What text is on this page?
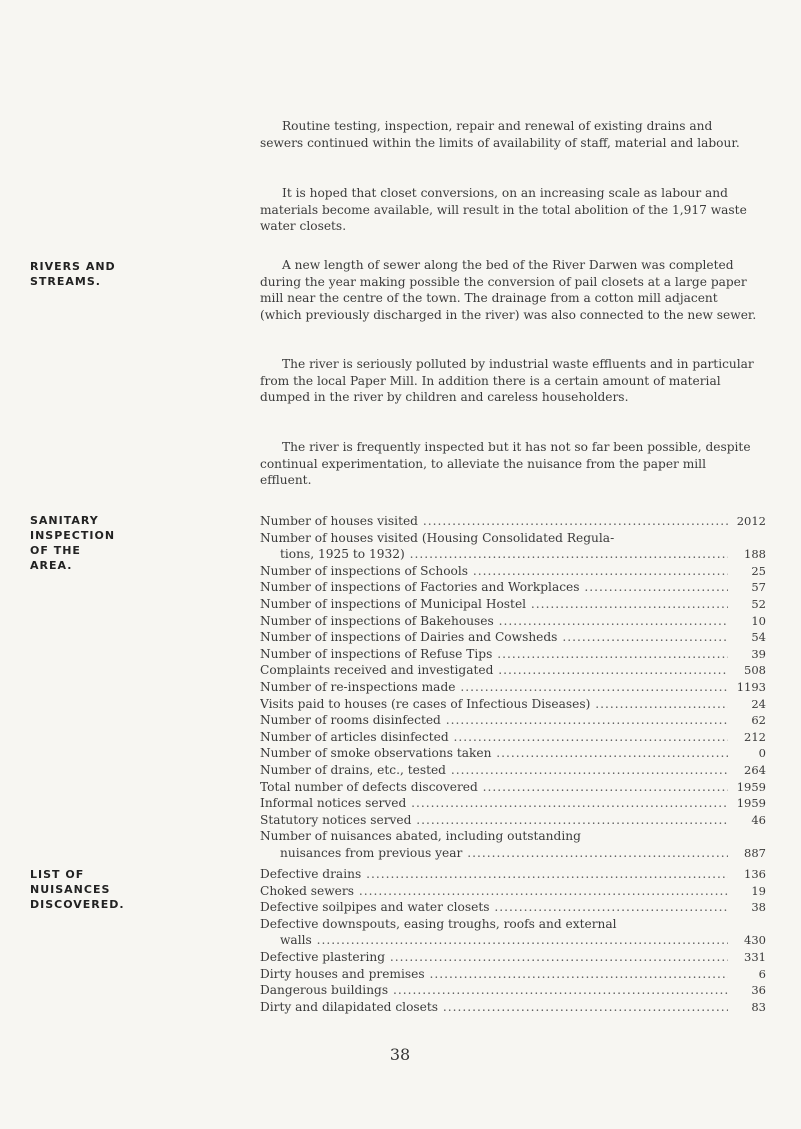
Routine testing, inspection, repair and renewal of existing drains and sewers continued within the limits of availability of staff, material and labour.

It is hoped that closet conversions, on an increasing scale as labour and materials become available, will result in the total abolition of the 1,917 waste water closets.

RIVERS AND
STREAMS.

A new length of sewer along the bed of the River Darwen was completed during the year making possible the conversion of pail closets at a large paper mill near the centre of the town. The drainage from a cotton mill adjacent (which previously discharged in the river) was also connected to the new sewer.

The river is seriously polluted by industrial waste effluents and in particular from the local Paper Mill. In addition there is a certain amount of material dumped in the river by children and careless householders.

The river is frequently inspected but it has not so far been possible, despite continual experimentation, to alleviate the nuisance from the paper mill effluent.

SANITARY
INSPECTION
OF THE
AREA.
Number of houses visited .....	2012
Number of houses visited (Housing Consolidated Regula-
tions, 1925 to 1932) .....	188
Number of inspections of Schools .....	25
Number of inspections of Factories and Workplaces .....	57
Number of inspections of Municipal Hostel .....	52
Number of inspections of Bakehouses .....	10
Number of inspections of Dairies and Cowsheds .....	54
Number of inspections of Refuse Tips .....	39
Complaints received and investigated .....	508
Number of re-inspections made .....	1193
Visits paid to houses (re cases of Infectious Diseases) .....	24
Number of rooms disinfected .....	62
Number of articles disinfected .....	212
Number of smoke observations taken .....	0
Number of drains, etc., tested .....	264
Total number of defects discovered .....	1959
Informal notices served .....	1959
Statutory notices served .....	46
Number of nuisances abated, including outstanding
nuisances from previous year .....	887
LIST OF
NUISANCES
DISCOVERED.
Defective drains .....	136
Choked sewers .....	19
Defective soilpipes and water closets .....	38
Defective downspouts, easing troughs, roofs and external
walls .....	430
Defective plastering .....	331
Dirty houses and premises .....	6
Dangerous buildings .....	36
Dirty and dilapidated closets .....	83
38
